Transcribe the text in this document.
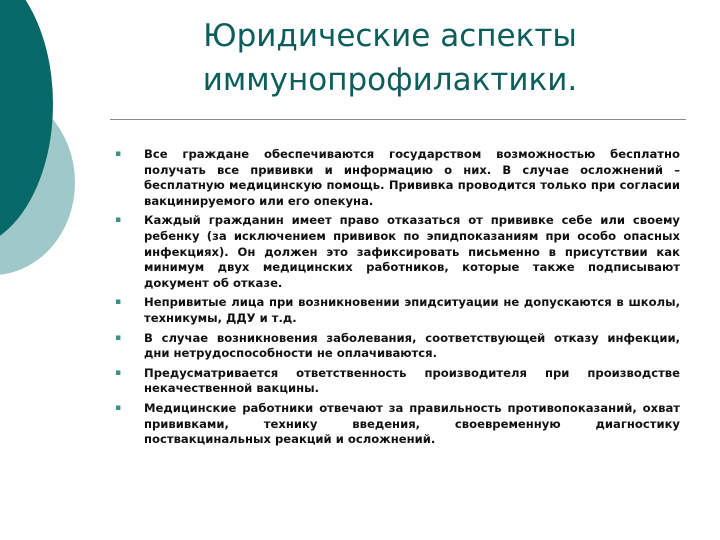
Юридические аспекты иммунопрофилактики.
▪ Все граждане обеспечиваются государством возможностью бесплатно получать все прививки и информацию о них. В случае осложнений – бесплатную медицинскую помощь. Прививка проводится только при согласии вакцинируемого или его опекуна.
▪ Каждый гражданин имеет право отказаться от прививке себе или своему ребенку (за исключением прививок по эпидпоказаниям при особо опасных инфекциях). Он должен это зафиксировать письменно в присутствии как минимум двух медицинских работников, которые также подписывают документ об отказе.
▪ Непривитые лица при возникновении эпидситуации не допускаются в школы, техникумы, ДДУ и т.д.
▪ В случае возникновения заболевания, соответствующей отказу инфекции, дни нетрудоспособности не оплачиваются.
▪ Предусматривается ответственность производителя при производстве некачественной вакцины.
▪ Медицинские работники отвечают за правильность противопоказаний, охват прививками, технику введения, своевременную диагностику поствакцинальных реакций и осложнений.
